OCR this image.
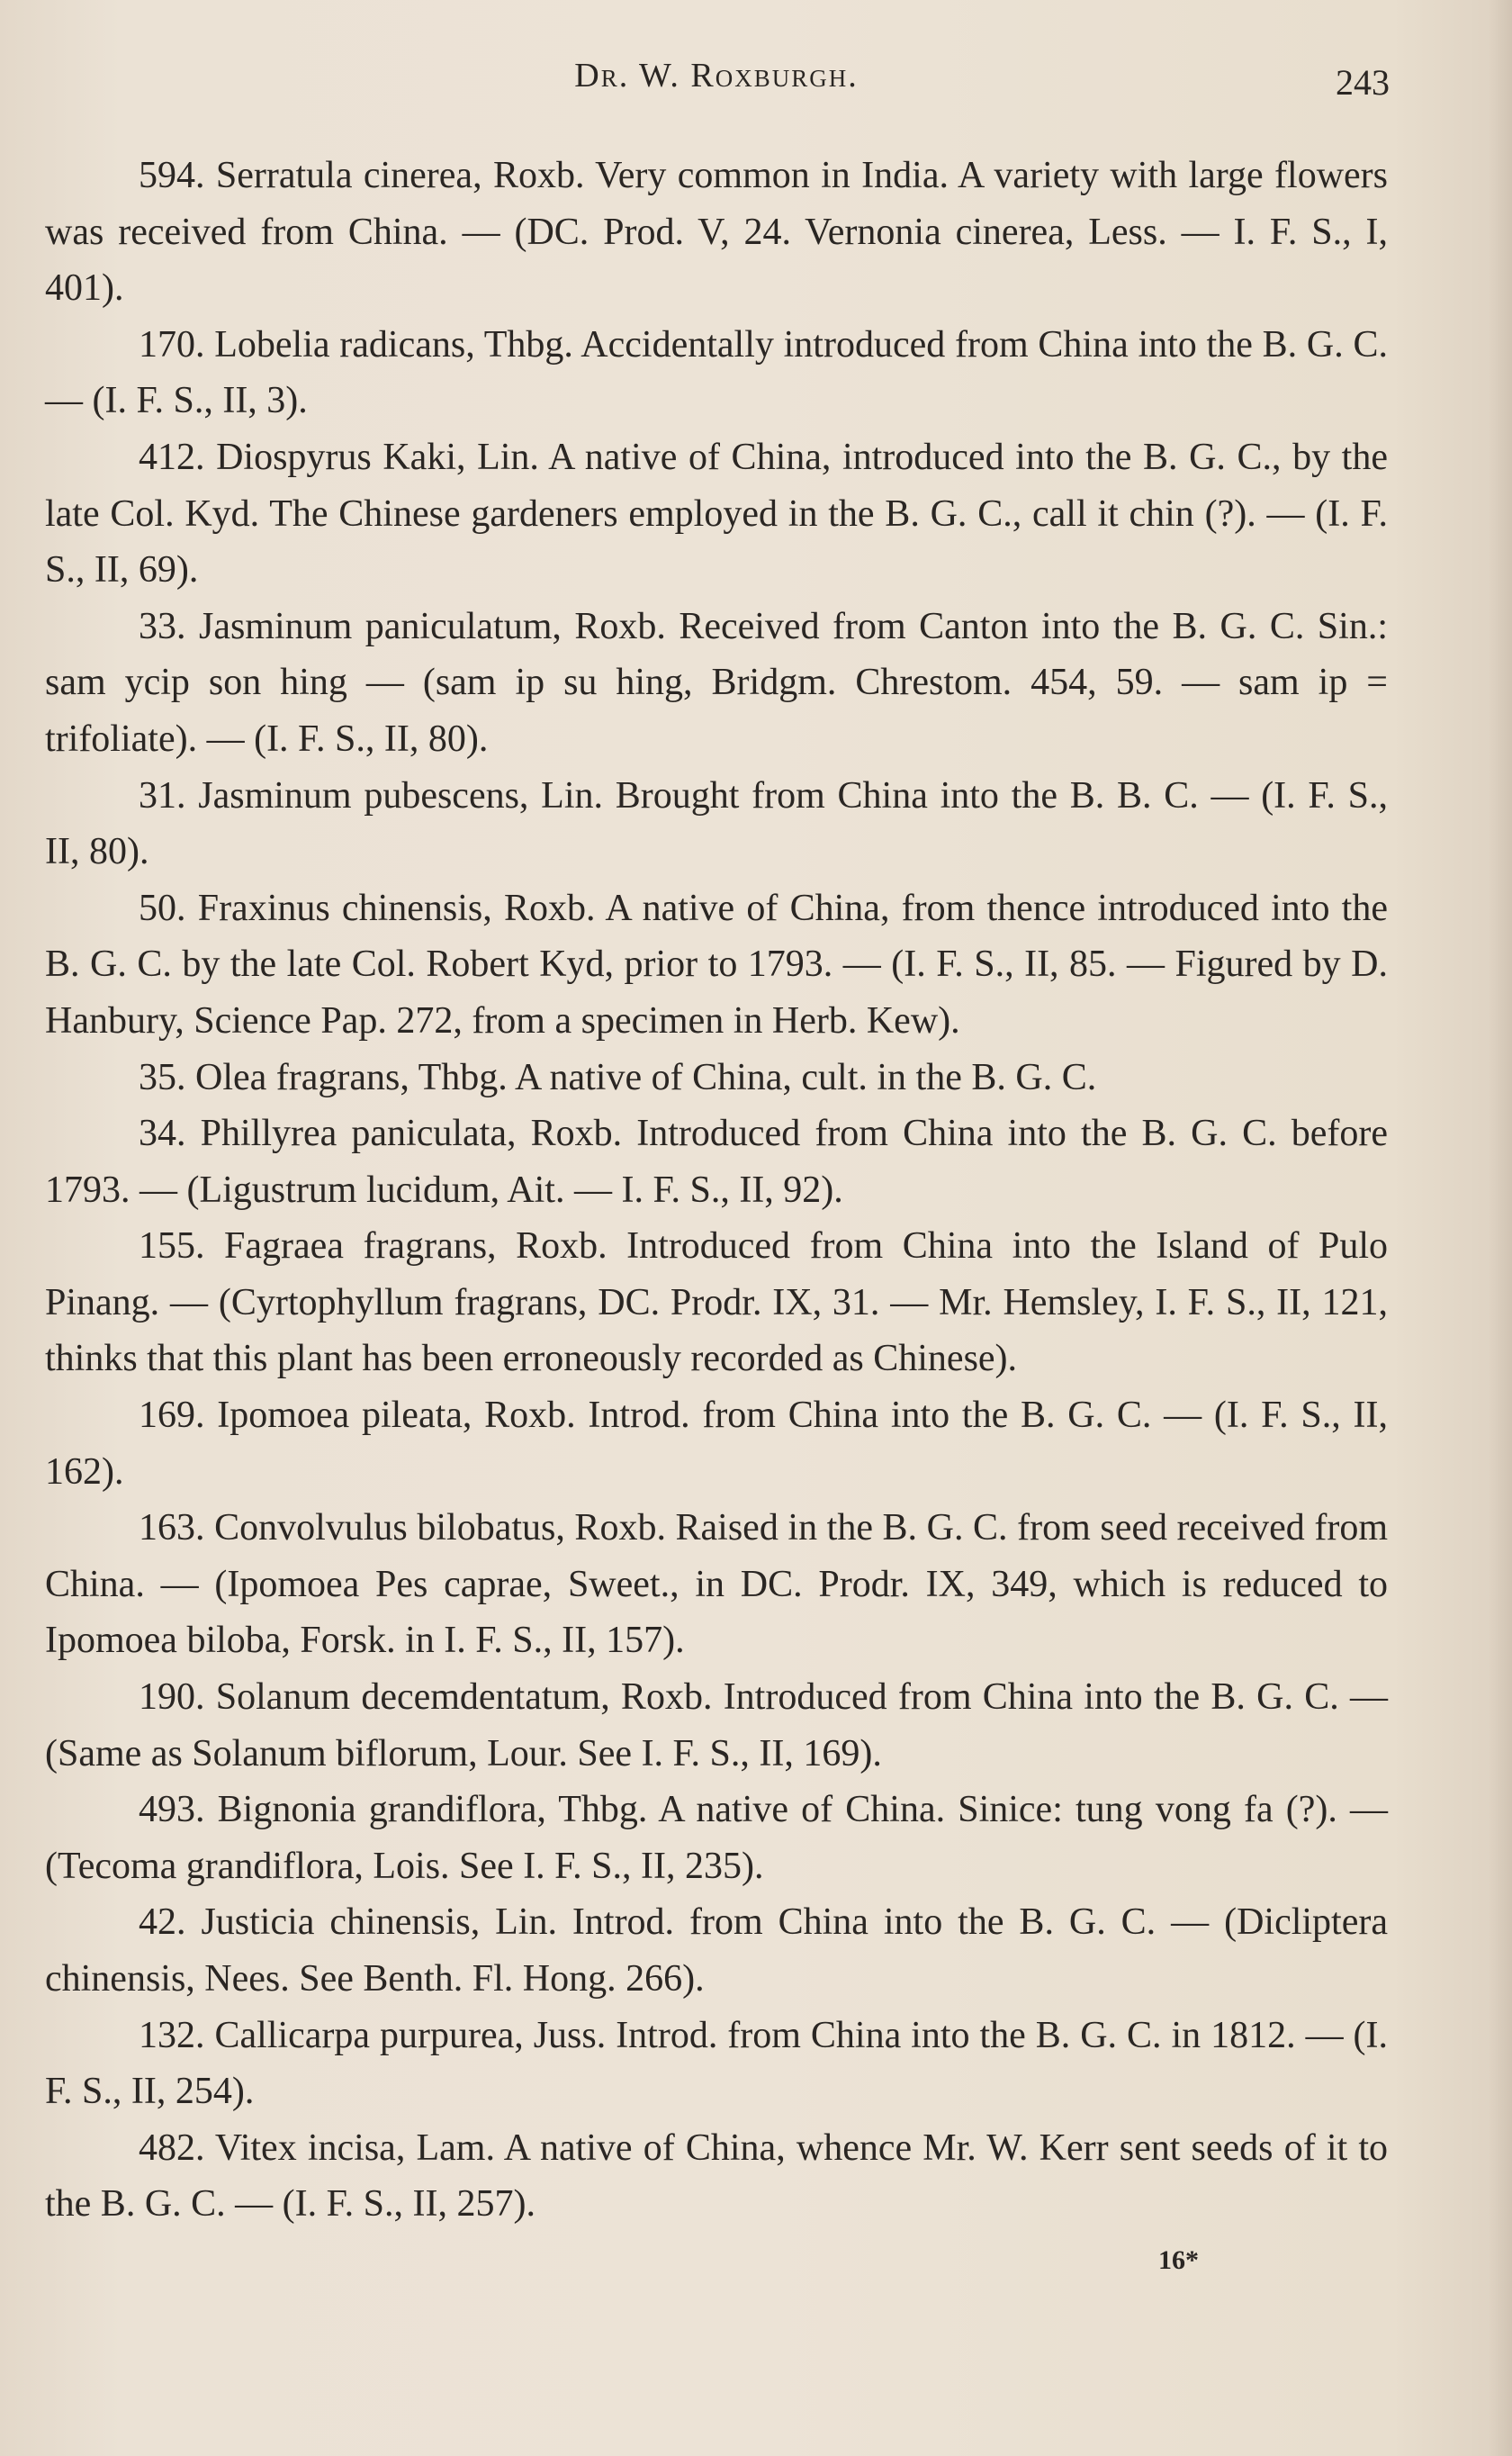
Dr. W. Roxburgh.	243

594. Serratula cinerea, Roxb. Very common in India. A variety with large flowers was received from China. — (DC. Prod. V, 24. Vernonia cinerea, Less. — I. F. S., I, 401).

170. Lobelia radicans, Thbg. Accidentally introduced from China into the B. G. C. — (I. F. S., II, 3).

412. Diospyrus Kaki, Lin. A native of China, introduced into the B. G. C., by the late Col. Kyd. The Chinese gardeners employed in the B. G. C., call it chin (?). — (I. F. S., II, 69).

33. Jasminum paniculatum, Roxb. Received from Canton into the B. G. C. Sin.: sam ycip son hing — (sam ip su hing, Bridgm. Chrestom. 454, 59. — sam ip = trifoliate). — (I. F. S., II, 80).

31. Jasminum pubescens, Lin. Brought from China into the B. B. C. — (I. F. S., II, 80).

50. Fraxinus chinensis, Roxb. A native of China, from thence introduced into the B. G. C. by the late Col. Robert Kyd, prior to 1793. — (I. F. S., II, 85. — Figured by D. Hanbury, Science Pap. 272, from a specimen in Herb. Kew).

35. Olea fragrans, Thbg. A native of China, cult. in the B. G. C.

34. Phillyrea paniculata, Roxb. Introduced from China into the B. G. C. before 1793. — (Ligustrum lucidum, Ait. — I. F. S., II, 92).

155. Fagraea fragrans, Roxb. Introduced from China into the Island of Pulo Pinang. — (Cyrtophyllum fragrans, DC. Prodr. IX, 31. — Mr. Hemsley, I. F. S., II, 121, thinks that this plant has been erroneously recorded as Chinese).

169. Ipomoea pileata, Roxb. Introd. from China into the B. G. C. — (I. F. S., II, 162).

163. Convolvulus bilobatus, Roxb. Raised in the B. G. C. from seed received from China. — (Ipomoea Pes caprae, Sweet., in DC. Prodr. IX, 349, which is reduced to Ipomoea biloba, Forsk. in I. F. S., II, 157).

190. Solanum decemdentatum, Roxb. Introduced from China into the B. G. C. — (Same as Solanum biflorum, Lour. See I. F. S., II, 169).

493. Bignonia grandiflora, Thbg. A native of China. Sinice: tung vong fa (?). — (Tecoma grandiflora, Lois. See I. F. S., II, 235).

42. Justicia chinensis, Lin. Introd. from China into the B. G. C. — (Dicliptera chinensis, Nees. See Benth. Fl. Hong. 266).

132. Callicarpa purpurea, Juss. Introd. from China into the B. G. C. in 1812. — (I. F. S., II, 254).

482. Vitex incisa, Lam. A native of China, whence Mr. W. Kerr sent seeds of it to the B. G. C. — (I. F. S., II, 257).

16*
